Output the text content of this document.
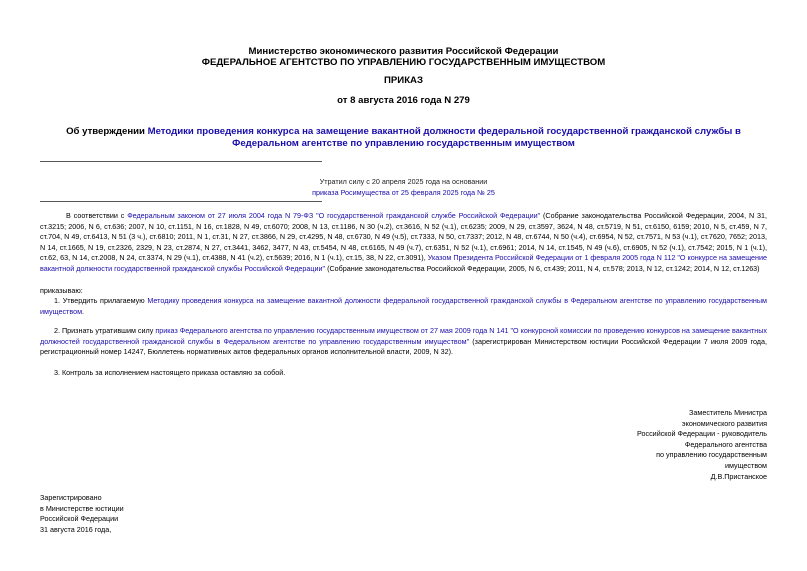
Министерство экономического развития Российской Федерации
ФЕДЕРАЛЬНОЕ АГЕНТСТВО ПО УПРАВЛЕНИЮ ГОСУДАРСТВЕННЫМ ИМУЩЕСТВОМ
ПРИКАЗ
от 8 августа 2016 года N 279
Об утверждении Методики проведения конкурса на замещение вакантной должности федеральной государственной гражданской службы в Федеральном агентстве по управлению государственным имуществом
Утратил силу с 20 апреля 2025 года на основании
приказа Росимущества от 25 февраля 2025 года № 25
В соответствии с Федеральным законом от 27 июля 2004 года N 79-ФЗ "О государственной гражданской службе Российской Федерации" (Собрание законодательства Российской Федерации, 2004, N 31, ст.3215; 2006, N 6, ст.636; 2007, N 10, ст.1151, N 16, ст.1828, N 49, ст.6070; 2008, N 13, ст.1186, N 30 (ч.2), ст.3616, N 52 (ч.1), ст.6235; 2009, N 29, ст.3597, 3624, N 48, ст.5719, N 51, ст.6150, 6159; 2010, N 5, ст.459, N 7, ст.704, N 49, ст.6413, N 51 (3 ч.), ст.6810; 2011, N 1, ст.31, N 27, ст.3866, N 29, ст.4295, N 48, ст.6730, N 49 (ч.5), ст.7333, N 50, ст.7337; 2012, N 48, ст.6744, N 50 (ч.4), ст.6954, N 52, ст.7571, N 53 (ч.1), ст.7620, 7652; 2013, N 14, ст.1665, N 19, ст.2326, 2329, N 23, ст.2874, N 27, ст.3441, 3462, 3477, N 43, ст.5454, N 48, ст.6165, N 49 (ч.7), ст.6351, N 52 (ч.1), ст.6961; 2014, N 14, ст.1545, N 49 (ч.6), ст.6905, N 52 (ч.1), ст.7542; 2015, N 1 (ч.1), ст.62, 63, N 14, ст.2008, N 24, ст.3374, N 29 (ч.1), ст.4388, N 41 (ч.2), ст.5639; 2016, N 1 (ч.1), ст.15, 38, N 22, ст.3091), Указом Президента Российской Федерации от 1 февраля 2005 года N 112 "О конкурсе на замещение вакантной должности государственной гражданской службы Российской Федерации" (Собрание законодательства Российской Федерации, 2005, N 6, ст.439; 2011, N 4, ст.578; 2013, N 12, ст.1242; 2014, N 12, ст.1263)
приказываю:
1. Утвердить прилагаемую Методику проведения конкурса на замещение вакантной должности федеральной государственной гражданской службы в Федеральном агентстве по управлению государственным имуществом.
2. Признать утратившим силу приказ Федерального агентства по управлению государственным имуществом от 27 мая 2009 года N 141 "О конкурсной комиссии по проведению конкурсов на замещение вакантных должностей государственной гражданской службы в Федеральном агентстве по управлению государственным имуществом" (зарегистрирован Министерством юстиции Российской Федерации 7 июля 2009 года, регистрационный номер 14247, Бюллетень нормативных актов федеральных органов исполнительной власти, 2009, N 32).
3. Контроль за исполнением настоящего приказа оставляю за собой.
Заместитель Министра
экономического развития
Российской Федерации - руководитель
Федерального агентства
по управлению государственным
имуществом
Д.В.Пристанское
Зарегистрировано
в Министерстве юстиции
Российской Федерации
31 августа 2016 года,
